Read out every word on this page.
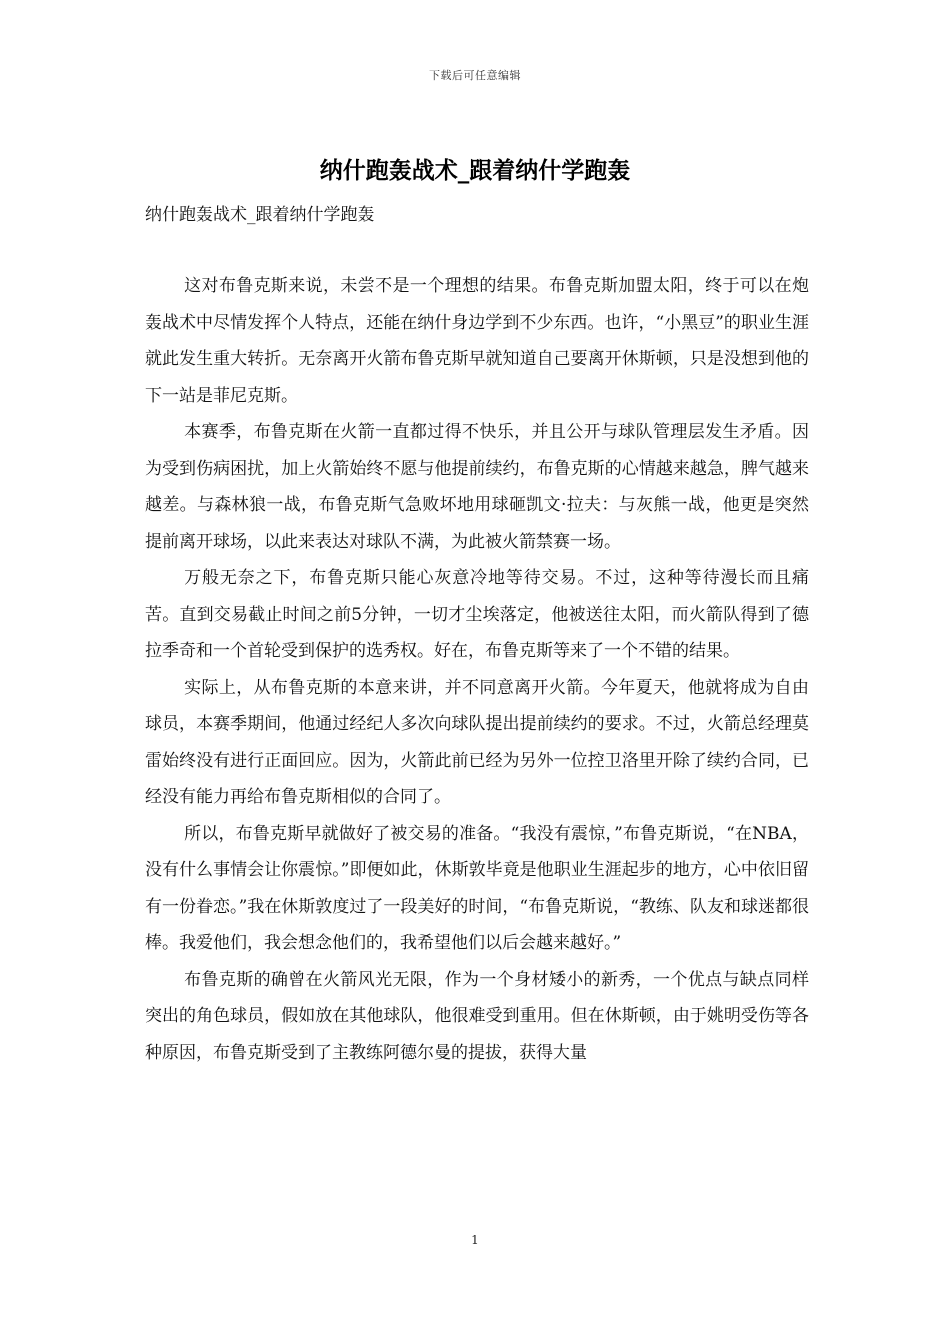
下载后可任意编辑
纳什跑轰战术_跟着纳什学跑轰
纳什跑轰战术_跟着纳什学跑轰

这对布鲁克斯来说，未尝不是一个理想的结果。布鲁克斯加盟太阳，终于可以在炮轰战术中尽情发挥个人特点，还能在纳什身边学到不少东西。也许，“小黑豆”的职业生涯就此发生重大转折。无奈离开火箭布鲁克斯早就知道自己要离开休斯顿，只是没想到他的下一站是菲尼克斯。

本赛季，布鲁克斯在火箭一直都过得不快乐，并且公开与球队管理层发生矛盾。因为受到伤病困扰，加上火箭始终不愿与他提前续约，布鲁克斯的心情越来越急，脾气越来越差。与森林狼一战，布鲁克斯气急败坏地用球砸凯文·拉夫：与灰熊一战，他更是突然提前离开球场，以此来表达对球队不满，为此被火箭禁赛一场。

万般无奈之下，布鲁克斯只能心灰意冷地等待交易。不过，这种等待漫长而且痛苦。直到交易截止时间之前5分钟，一切才尘埃落定，他被送往太阳，而火箭队得到了德拉季奇和一个首轮受到保护的选秀权。好在，布鲁克斯等来了一个不错的结果。

实际上，从布鲁克斯的本意来讲，并不同意离开火箭。今年夏天，他就将成为自由球员，本赛季期间，他通过经纪人多次向球队提出提前续约的要求。不过，火箭总经理莫雷始终没有进行正面回应。因为，火箭此前已经为另外一位控卫洛里开除了续约合同，已经没有能力再给布鲁克斯相似的合同了。

所以，布鲁克斯早就做好了被交易的准备。“我没有震惊，”布鲁克斯说，“在NBA，没有什么事情会让你震惊。”即便如此，休斯敦毕竟是他职业生涯起步的地方，心中依旧留有一份眷恋。”我在休斯敦度过了一段美好的时间，“布鲁克斯说，“教练、队友和球迷都很棒。我爱他们，我会想念他们的，我希望他们以后会越来越好。”

布鲁克斯的确曾在火箭风光无限，作为一个身材矮小的新秀，一个优点与缺点同样突出的角色球员，假如放在其他球队，他很难受到重用。但在休斯顿，由于姚明受伤等各种原因，布鲁克斯受到了主教练阿德尔曼的提拔，获得大量

1
